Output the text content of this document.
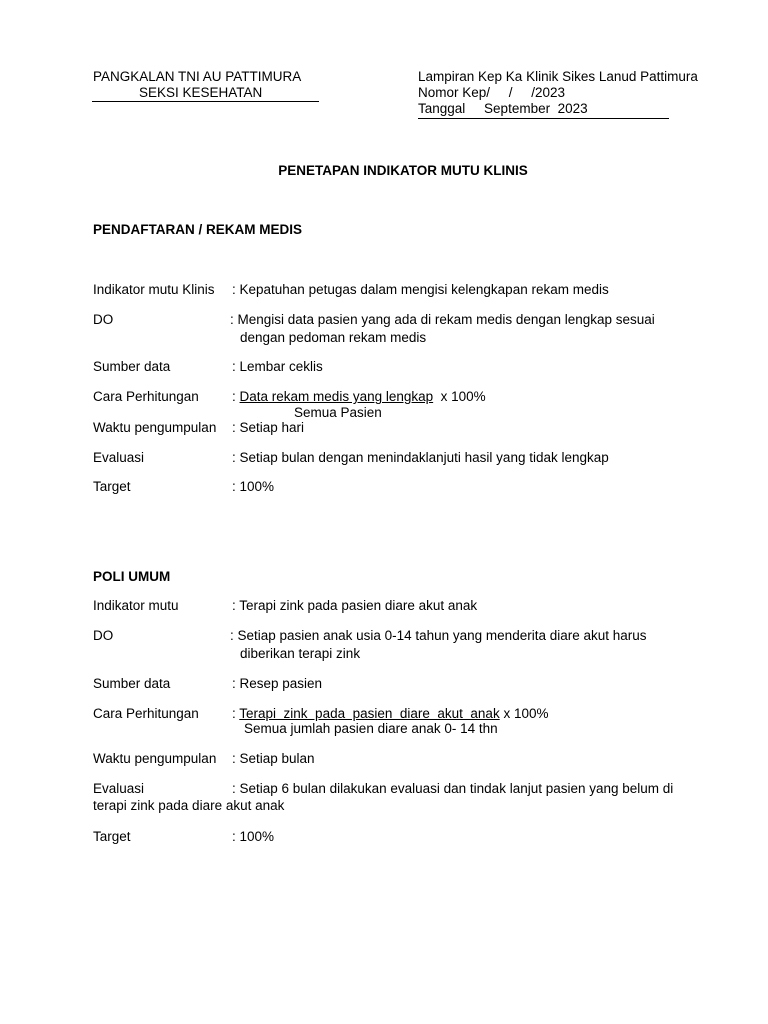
PANGKALAN TNI AU PATTIMURA
SEKSI KESEHATAN
Lampiran Kep Ka Klinik Sikes Lanud Pattimura
Nomor Kep/     /     /2023
Tanggal     September  2023
PENETAPAN INDIKATOR MUTU KLINIS
PENDAFTARAN / REKAM MEDIS
Indikator mutu Klinis : Kepatuhan petugas dalam mengisi kelengkapan rekam medis
DO	: Mengisi data pasien yang ada di rekam medis dengan lengkap sesuai
dengan pedoman rekam medis
Sumber data	: Lembar ceklis
Cara Perhitungan : Data rekam medis yang lengkap x 100%
Semua Pasien
Waktu pengumpulan : Setiap hari
Evaluasi	: Setiap bulan dengan menindaklanjuti hasil yang tidak lengkap
Target	: 100%
POLI UMUM
Indikator mutu	: Terapi zink pada pasien diare akut anak
DO	: Setiap pasien anak usia 0-14 tahun yang menderita diare akut harus
diberikan terapi zink
Sumber data	: Resep pasien
Cara Perhitungan : Terapi  zink  pada  pasien  diare  akut  anak x 100%
Semua jumlah pasien diare anak 0- 14 thn
Waktu pengumpulan : Setiap bulan
Evaluasi	: Setiap 6 bulan dilakukan evaluasi dan tindak lanjut pasien yang belum di
terapi zink pada diare akut anak
Target	: 100%
